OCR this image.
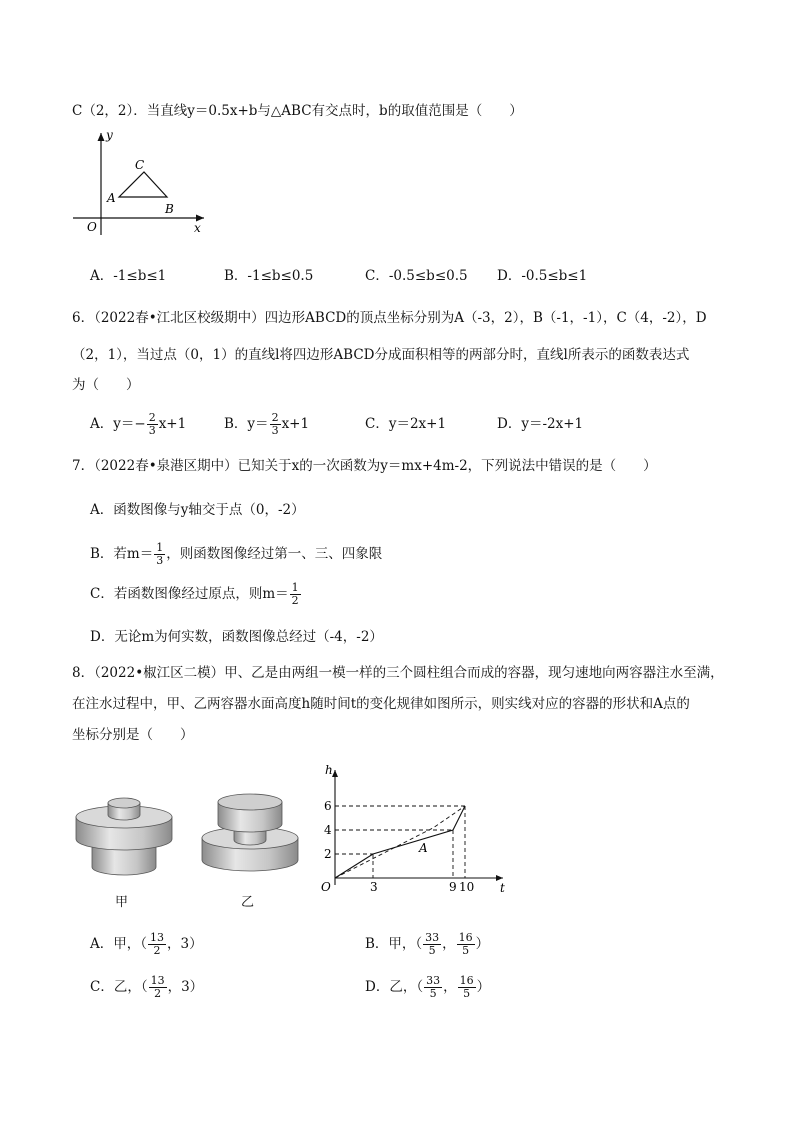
C（2，2）．当直线y＝0.5x+b与△ABC有交点时，b的取值范围是（　　）
y
x
O
A
B
C
A．-1≤b≤1	B．-1≤b≤0.5	C．-0.5≤b≤0.5 D．-0.5≤b≤1
6．（2022春•江北区校级期中）四边形ABCD的顶点坐标分别为A（-3，2），B（-1，-1），C（4，-2），D
（2，1），当过点（0，1）的直线l将四边形ABCD分成面积相等的两部分时，直线l所表示的函数表达式
为（　　）
A．$y=- \frac{2}{3} x+1$	B．$y= \frac{2}{3} x+1$	C．y＝2x+1	D．y＝-2x+1
7．（2022春•泉港区期中）已知关于x的一次函数为y＝mx+4m-2，下列说法中错误的是（　　）
A．函数图像与y轴交于点（0，-2）
B．若$m= \frac{1}{3}$ ，则函数图像经过第一、三、四象限
C．若函数图像经过原点，则$m= \frac{1}{2}$
D．无论m为何实数，函数图像总经过（-4，-2）
8．（2022•椒江区二模）甲、乙是由两组一模一样的三个圆柱组合而成的容器，现匀速地向两容器注水至满，
在注水过程中，甲、乙两容器水面高度h随时间t的变化规律如图所示，则实线对应的容器的形状和A点的
坐标分别是（　　）
甲	乙
h
t
O
A
6
4
2
3	9 10
A．甲，（ $\frac{13}{2}$ ，3）	B．甲，（ $\frac{33}{5}$ ， $\frac{16}{5}$ ）
C．乙，（ $\frac{13}{2}$ ，3）	D．乙，（ $\frac{33}{5}$ ， $\frac{16}{5}$ ）
